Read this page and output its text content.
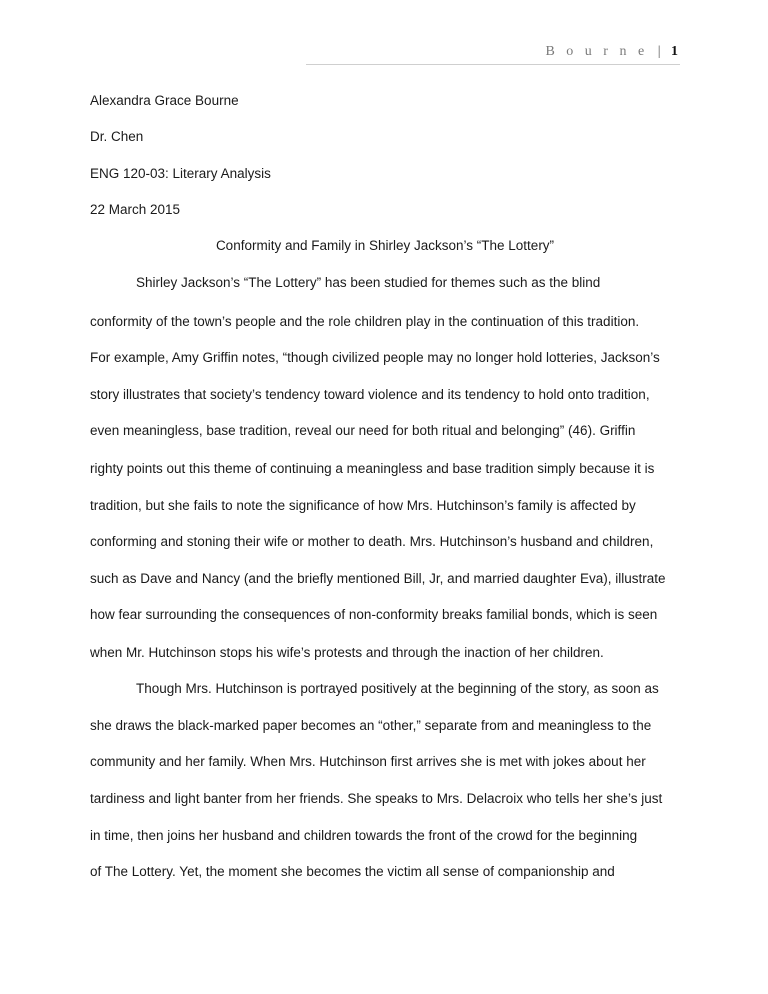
B o u r n e | 1
Alexandra Grace Bourne
Dr. Chen
ENG 120-03: Literary Analysis
22 March 2015
Conformity and Family in Shirley Jackson’s “The Lottery”
Shirley Jackson’s “The Lottery” has been studied for themes such as the blind
conformity of the town’s people and the role children play in the continuation of this tradition.
For example, Amy Griffin notes, “though civilized people may no longer hold lotteries, Jackson’s
story illustrates that society’s tendency toward violence and its tendency to hold onto tradition,
even meaningless, base tradition, reveal our need for both ritual and belonging” (46). Griffin
righty points out this theme of continuing a meaningless and base tradition simply because it is
tradition, but she fails to note the significance of how Mrs. Hutchinson’s family is affected by
conforming and stoning their wife or mother to death. Mrs. Hutchinson’s husband and children,
such as Dave and Nancy (and the briefly mentioned Bill, Jr, and married daughter Eva), illustrate
how fear surrounding the consequences of non-conformity breaks familial bonds, which is seen
when Mr. Hutchinson stops his wife’s protests and through the inaction of her children.
Though Mrs. Hutchinson is portrayed positively at the beginning of the story, as soon as
she draws the black-marked paper becomes an “other,” separate from and meaningless to the
community and her family. When Mrs. Hutchinson first arrives she is met with jokes about her
tardiness and light banter from her friends. She speaks to Mrs. Delacroix who tells her she’s just
in time, then joins her husband and children towards the front of the crowd for the beginning
of The Lottery. Yet, the moment she becomes the victim all sense of companionship and
